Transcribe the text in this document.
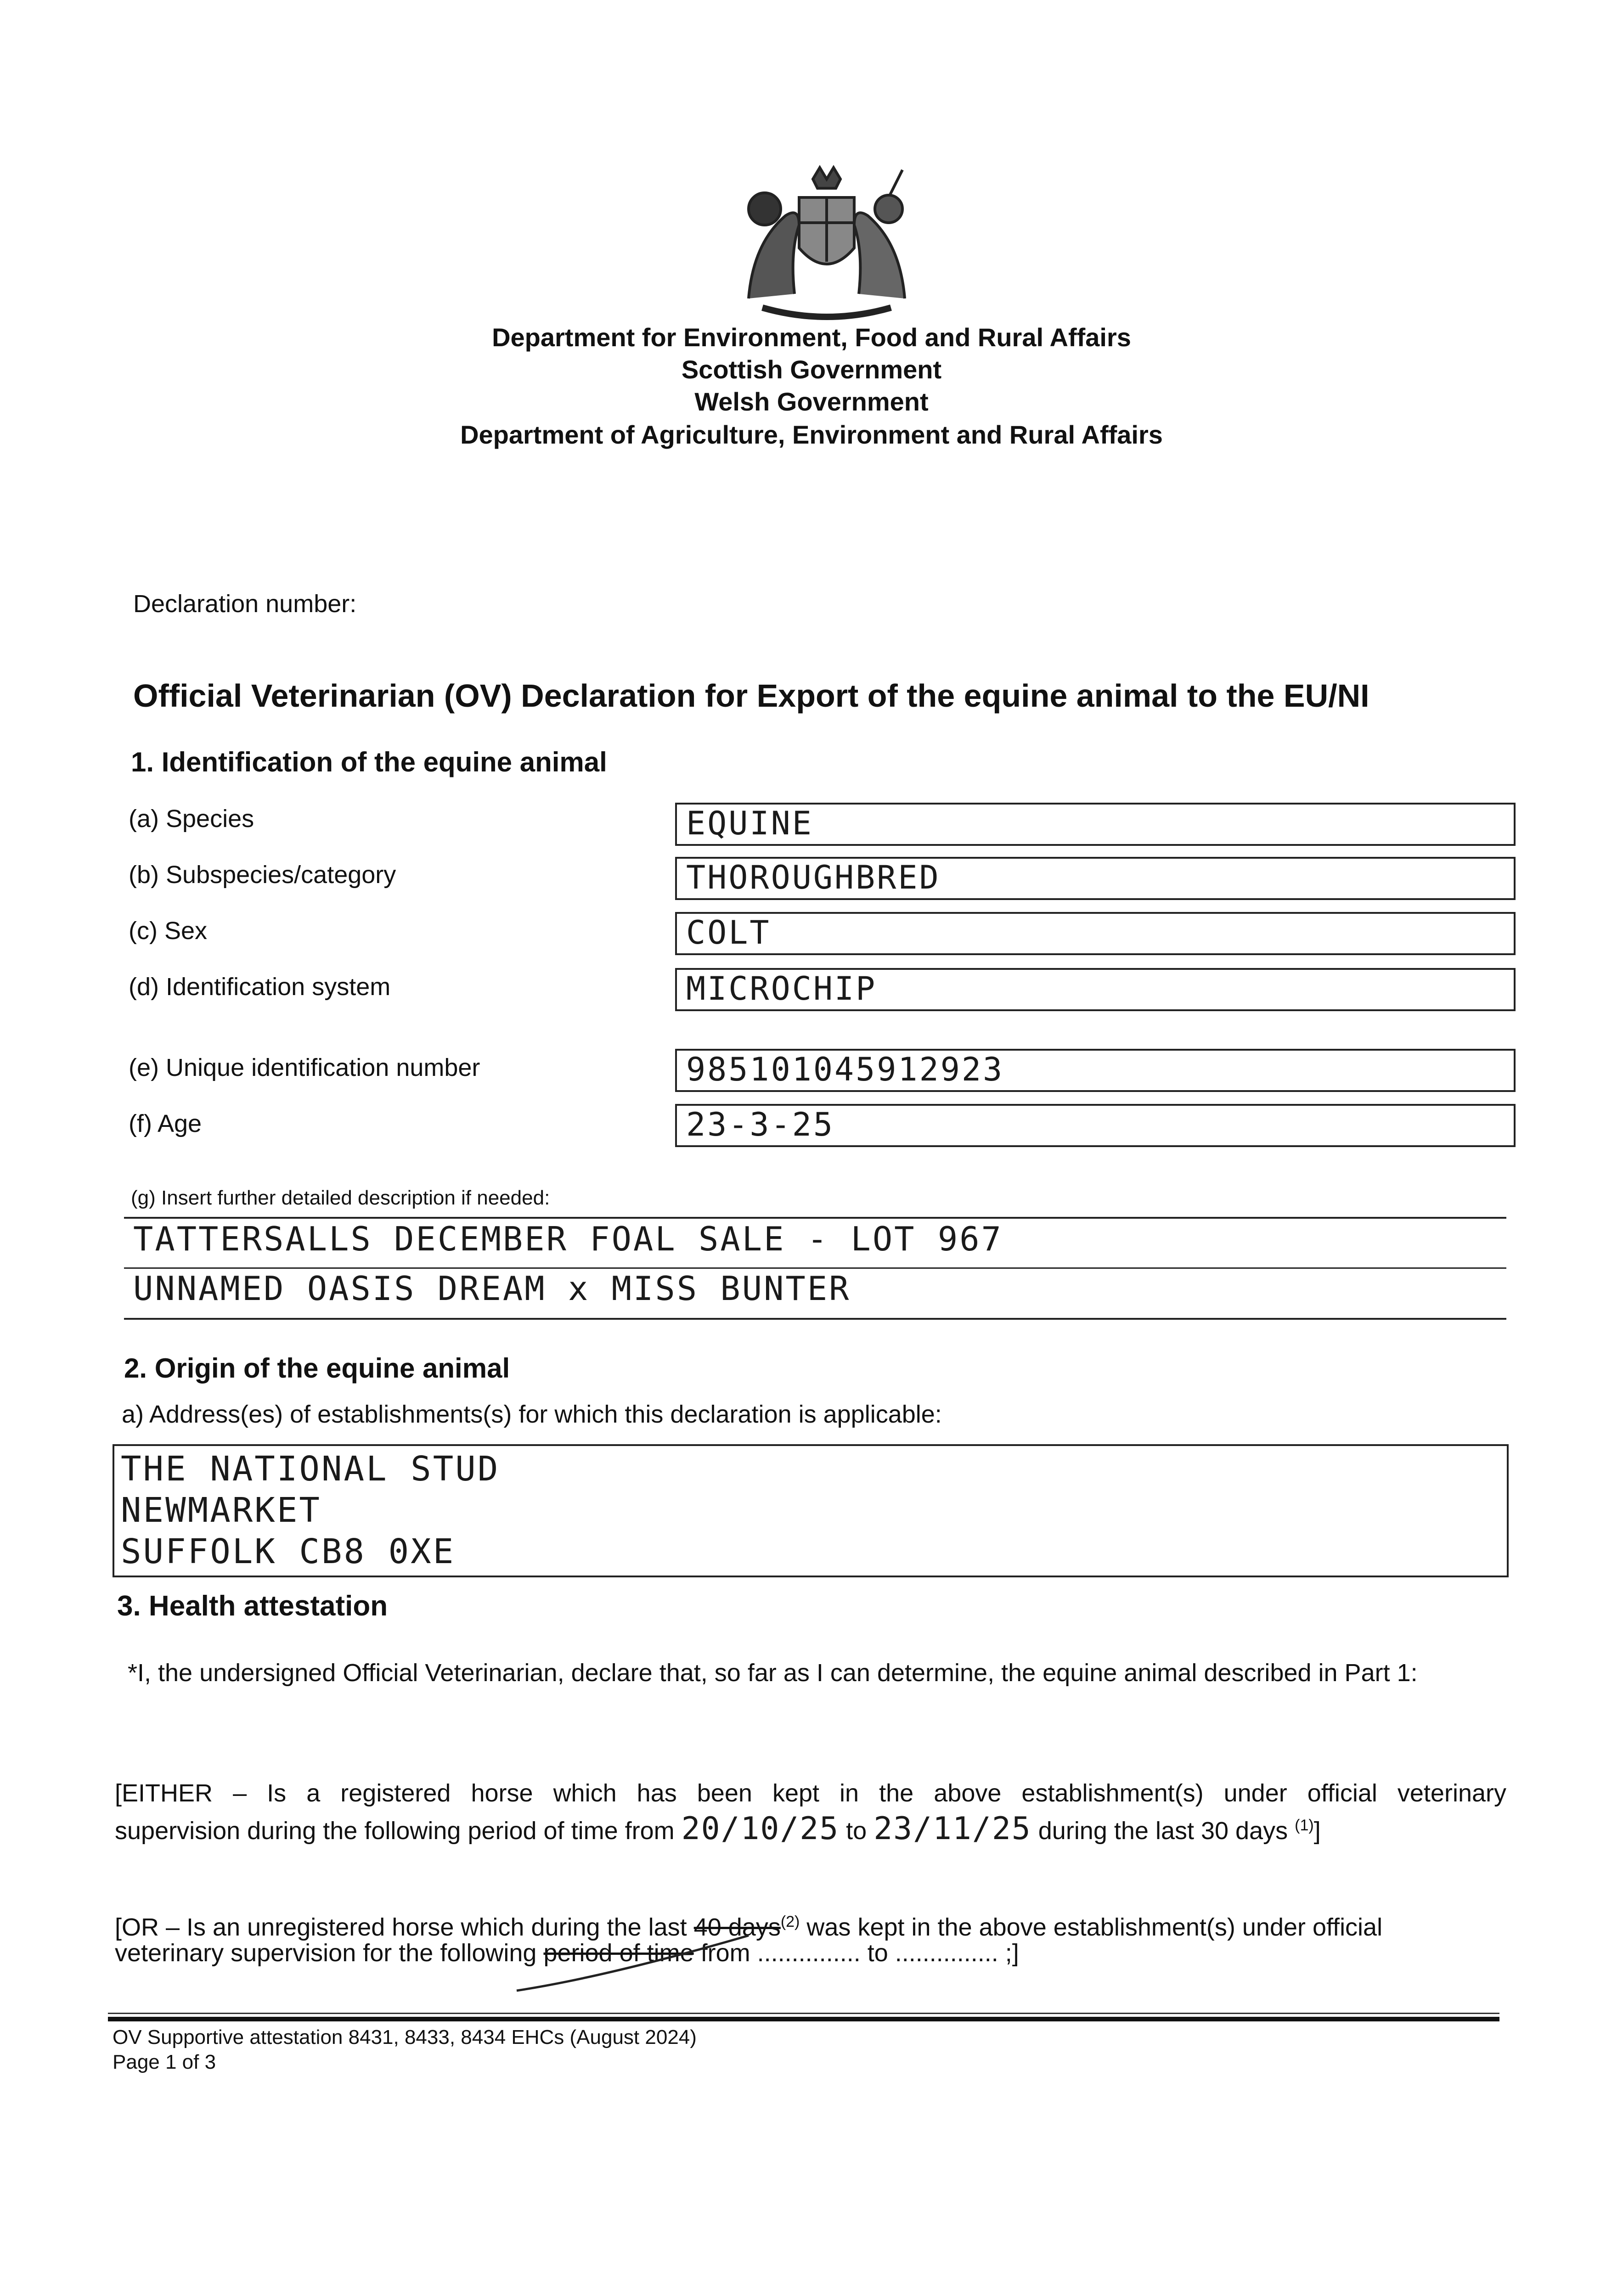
Department for Environment, Food and Rural Affairs
Scottish Government
Welsh Government
Department of Agriculture, Environment and Rural Affairs
Declaration number:
Official Veterinarian (OV) Declaration for Export of the equine animal to the EU/NI
1. Identification of the equine animal
(a) Species	EQUINE
(b) Subspecies/category	THOROUGHBRED
(c) Sex	COLT
(d) Identification system	MICROCHIP
(e) Unique identification number	985101045912923
(f) Age	23-3-25
(g) Insert further detailed description if needed:
TATTERSALLS DECEMBER FOAL SALE - LOT 967
UNNAMED OASIS DREAM x MISS BUNTER
2. Origin of the equine animal
a) Address(es) of establishments(s) for which this declaration is applicable:
THE NATIONAL STUD
NEWMARKET
SUFFOLK CB8 0XE
3. Health attestation
*I, the undersigned Official Veterinarian, declare that, so far as I can determine, the equine animal described in Part 1:
[EITHER – Is a registered horse which has been kept in the above establishment(s) under official veterinary
supervision during the following period of time from 20/10/25 to 23/11/25 during the last 30 days $^{(1)}$]
[OR – Is an unregistered horse which during the last 40 days$^{(2)}$ was kept in the above establishment(s) under official
veterinary supervision for the following period of time from ............... to ............... ;]
OV Supportive attestation 8431, 8433, 8434 EHCs (August 2024)
Page 1 of 3
